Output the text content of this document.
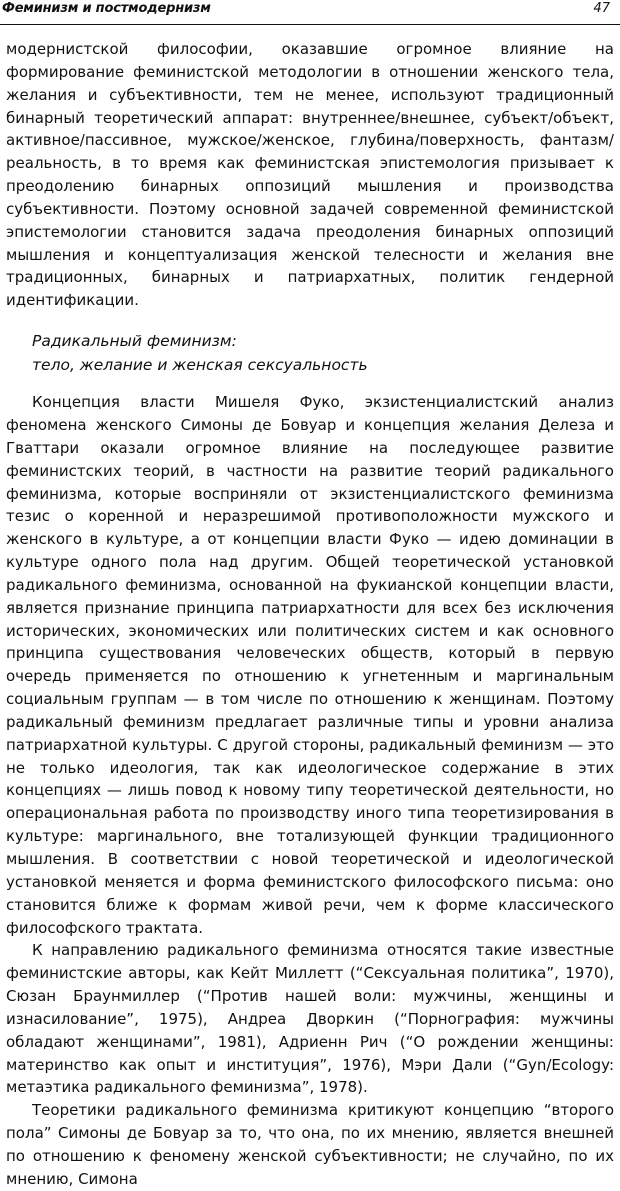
Феминизм и постмодернизм	47

модернистской философии, оказавшие огромное влияние на формирование феминистской методологии в отношении женского тела, желания и субъективности, тем не менее, используют традиционный бинарный теоретический аппарат: внутреннее/внешнее, субъект/объект, активное/пассивное, мужское/женское, глубина/поверхность, фантазм/реальность, в то время как феминистская эпистемология призывает к преодолению бинарных оппозиций мышления и производства субъективности. Поэтому основной задачей современной феминистской эпистемологии становится задача преодоления бинарных оппозиций мышления и концептуализация женской телесности и желания вне традиционных, бинарных и патриархатных, политик гендерной идентификации.

Радикальный феминизм:
тело, желание и женская сексуальность

Концепция власти Мишеля Фуко, экзистенциалистский анализ феномена женского Симоны де Бовуар и концепция желания Делеза и Гваттари оказали огромное влияние на последующее развитие феминистских теорий, в частности на развитие теорий радикального феминизма, которые восприняли от экзистенциалистского феминизма тезис о коренной и неразрешимой противоположности мужского и женского в культуре, а от концепции власти Фуко — идею доминации в культуре одного пола над другим. Общей теоретической установкой радикального феминизма, основанной на фукианской концепции власти, является признание принципа патриархатности для всех без исключения исторических, экономических или политических систем и как основного принципа существования человеческих обществ, который в первую очередь применяется по отношению к угнетенным и маргинальным социальным группам — в том числе по отношению к женщинам. Поэтому радикальный феминизм предлагает различные типы и уровни анализа патриархатной культуры. С другой стороны, радикальный феминизм — это не только идеология, так как идеологическое содержание в этих концепциях — лишь повод к новому типу теоретической деятельности, но операциональная работа по производству иного типа теоретизирования в культуре: маргинального, вне тотализующей функции традиционного мышления. В соответствии с новой теоретической и идеологической установкой меняется и форма феминистского философского письма: оно становится ближе к формам живой речи, чем к форме классического философского трактата.

К направлению радикального феминизма относятся такие известные феминистские авторы, как Кейт Миллетт (“Сексуальная политика”, 1970), Сюзан Браунмиллер (“Против нашей воли: мужчины, женщины и изнасилование”, 1975), Андреа Дворкин (“Порнография: мужчины обладают женщинами”, 1981), Адриенн Рич (“О рождении женщины: материнство как опыт и институция”, 1976), Мэри Дали (“Gyn/Ecology: метаэтика радикального феминизма”, 1978).

Теоретики радикального феминизма критикуют концепцию “второго пола” Симоны де Бовуар за то, что она, по их мнению, является внешней по отношению к феномену женской субъективности; не случайно, по их мнению, Симона
